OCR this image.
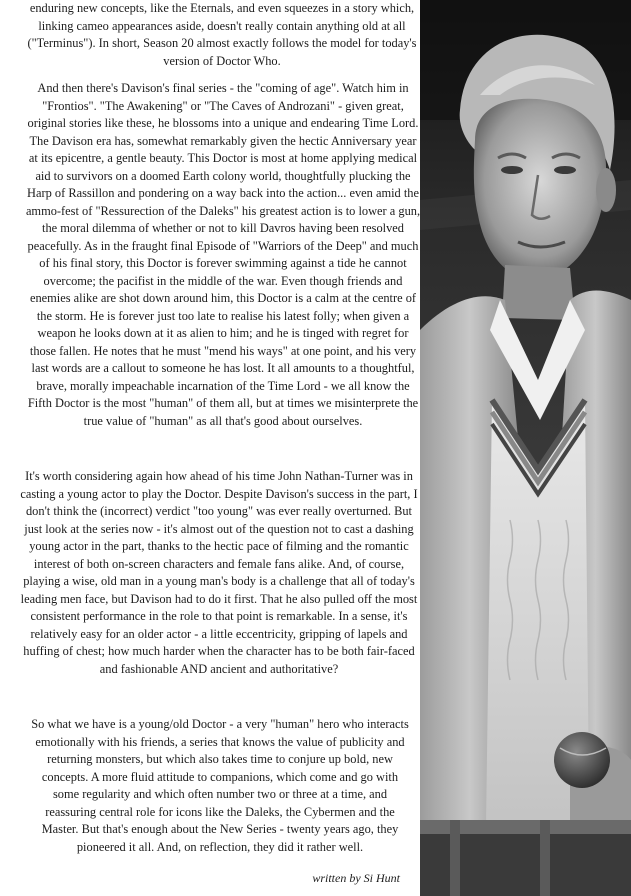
enduring new concepts, like the Eternals, and even squeezes in a story which, linking cameo appearances aside, doesn't really contain anything old at all ("Terminus"). In short, Season 20 almost exactly follows the model for today's version of Doctor Who.

And then there's Davison's final series - the "coming of age". Watch him in "Frontios". "The Awakening" or "The Caves of Androzani" - given great, original stories like these, he blossoms into a unique and endearing Time Lord. The Davison era has, somewhat remarkably given the hectic Anniversary year at its epicentre, a gentle beauty. This Doctor is most at home applying medical aid to survivors on a doomed Earth colony world, thoughtfully plucking the Harp of Rassillon and pondering on a way back into the action... even amid the ammo-fest of "Ressurection of the Daleks" his greatest action is to lower a gun, the moral dilemma of whether or not to kill Davros having been resolved peacefully. As in the fraught final Episode of "Warriors of the Deep" and much of his final story, this Doctor is forever swimming against a tide he cannot overcome; the pacifist in the middle of the war. Even though friends and enemies alike are shot down around him, this Doctor is a calm at the centre of the storm. He is forever just too late to realise his latest folly; when given a weapon he looks down at it as alien to him; and he is tinged with regret for those fallen. He notes that he must "mend his ways" at one point, and his very last words are a callout to someone he has lost. It all amounts to a thoughtful, brave, morally impeachable incarnation of the Time Lord - we all know the Fifth Doctor is the most "human" of them all, but at times we misinterprete the true value of "human" as all that's good about ourselves.

It's worth considering again how ahead of his time John Nathan-Turner was in casting a young actor to play the Doctor. Despite Davison's success in the part, I don't think the (incorrect) verdict "too young" was ever really overturned. But just look at the series now - it's almost out of the question not to cast a dashing young actor in the part, thanks to the hectic pace of filming and the romantic interest of both on-screen characters and female fans alike. And, of course, playing a wise, old man in a young man's body is a challenge that all of today's leading men face, but Davison had to do it first. That he also pulled off the most consistent performance in the role to that point is remarkable. In a sense, it's relatively easy for an older actor - a little eccentricity, gripping of lapels and huffing of chest; how much harder when the character has to be both fair-faced and fashionable AND ancient and authoritative?

So what we have is a young/old Doctor - a very "human" hero who interacts emotionally with his friends, a series that knows the value of publicity and returning monsters, but which also takes time to conjure up bold, new concepts. A more fluid attitude to companions, which come and go with some regularity and which often number two or three at a time, and reassuring central role for icons like the Daleks, the Cybermen and the Master. But that's enough about the New Series - twenty years ago, they pioneered it all. And, on reflection, they did it rather well.

written by Si Hunt
